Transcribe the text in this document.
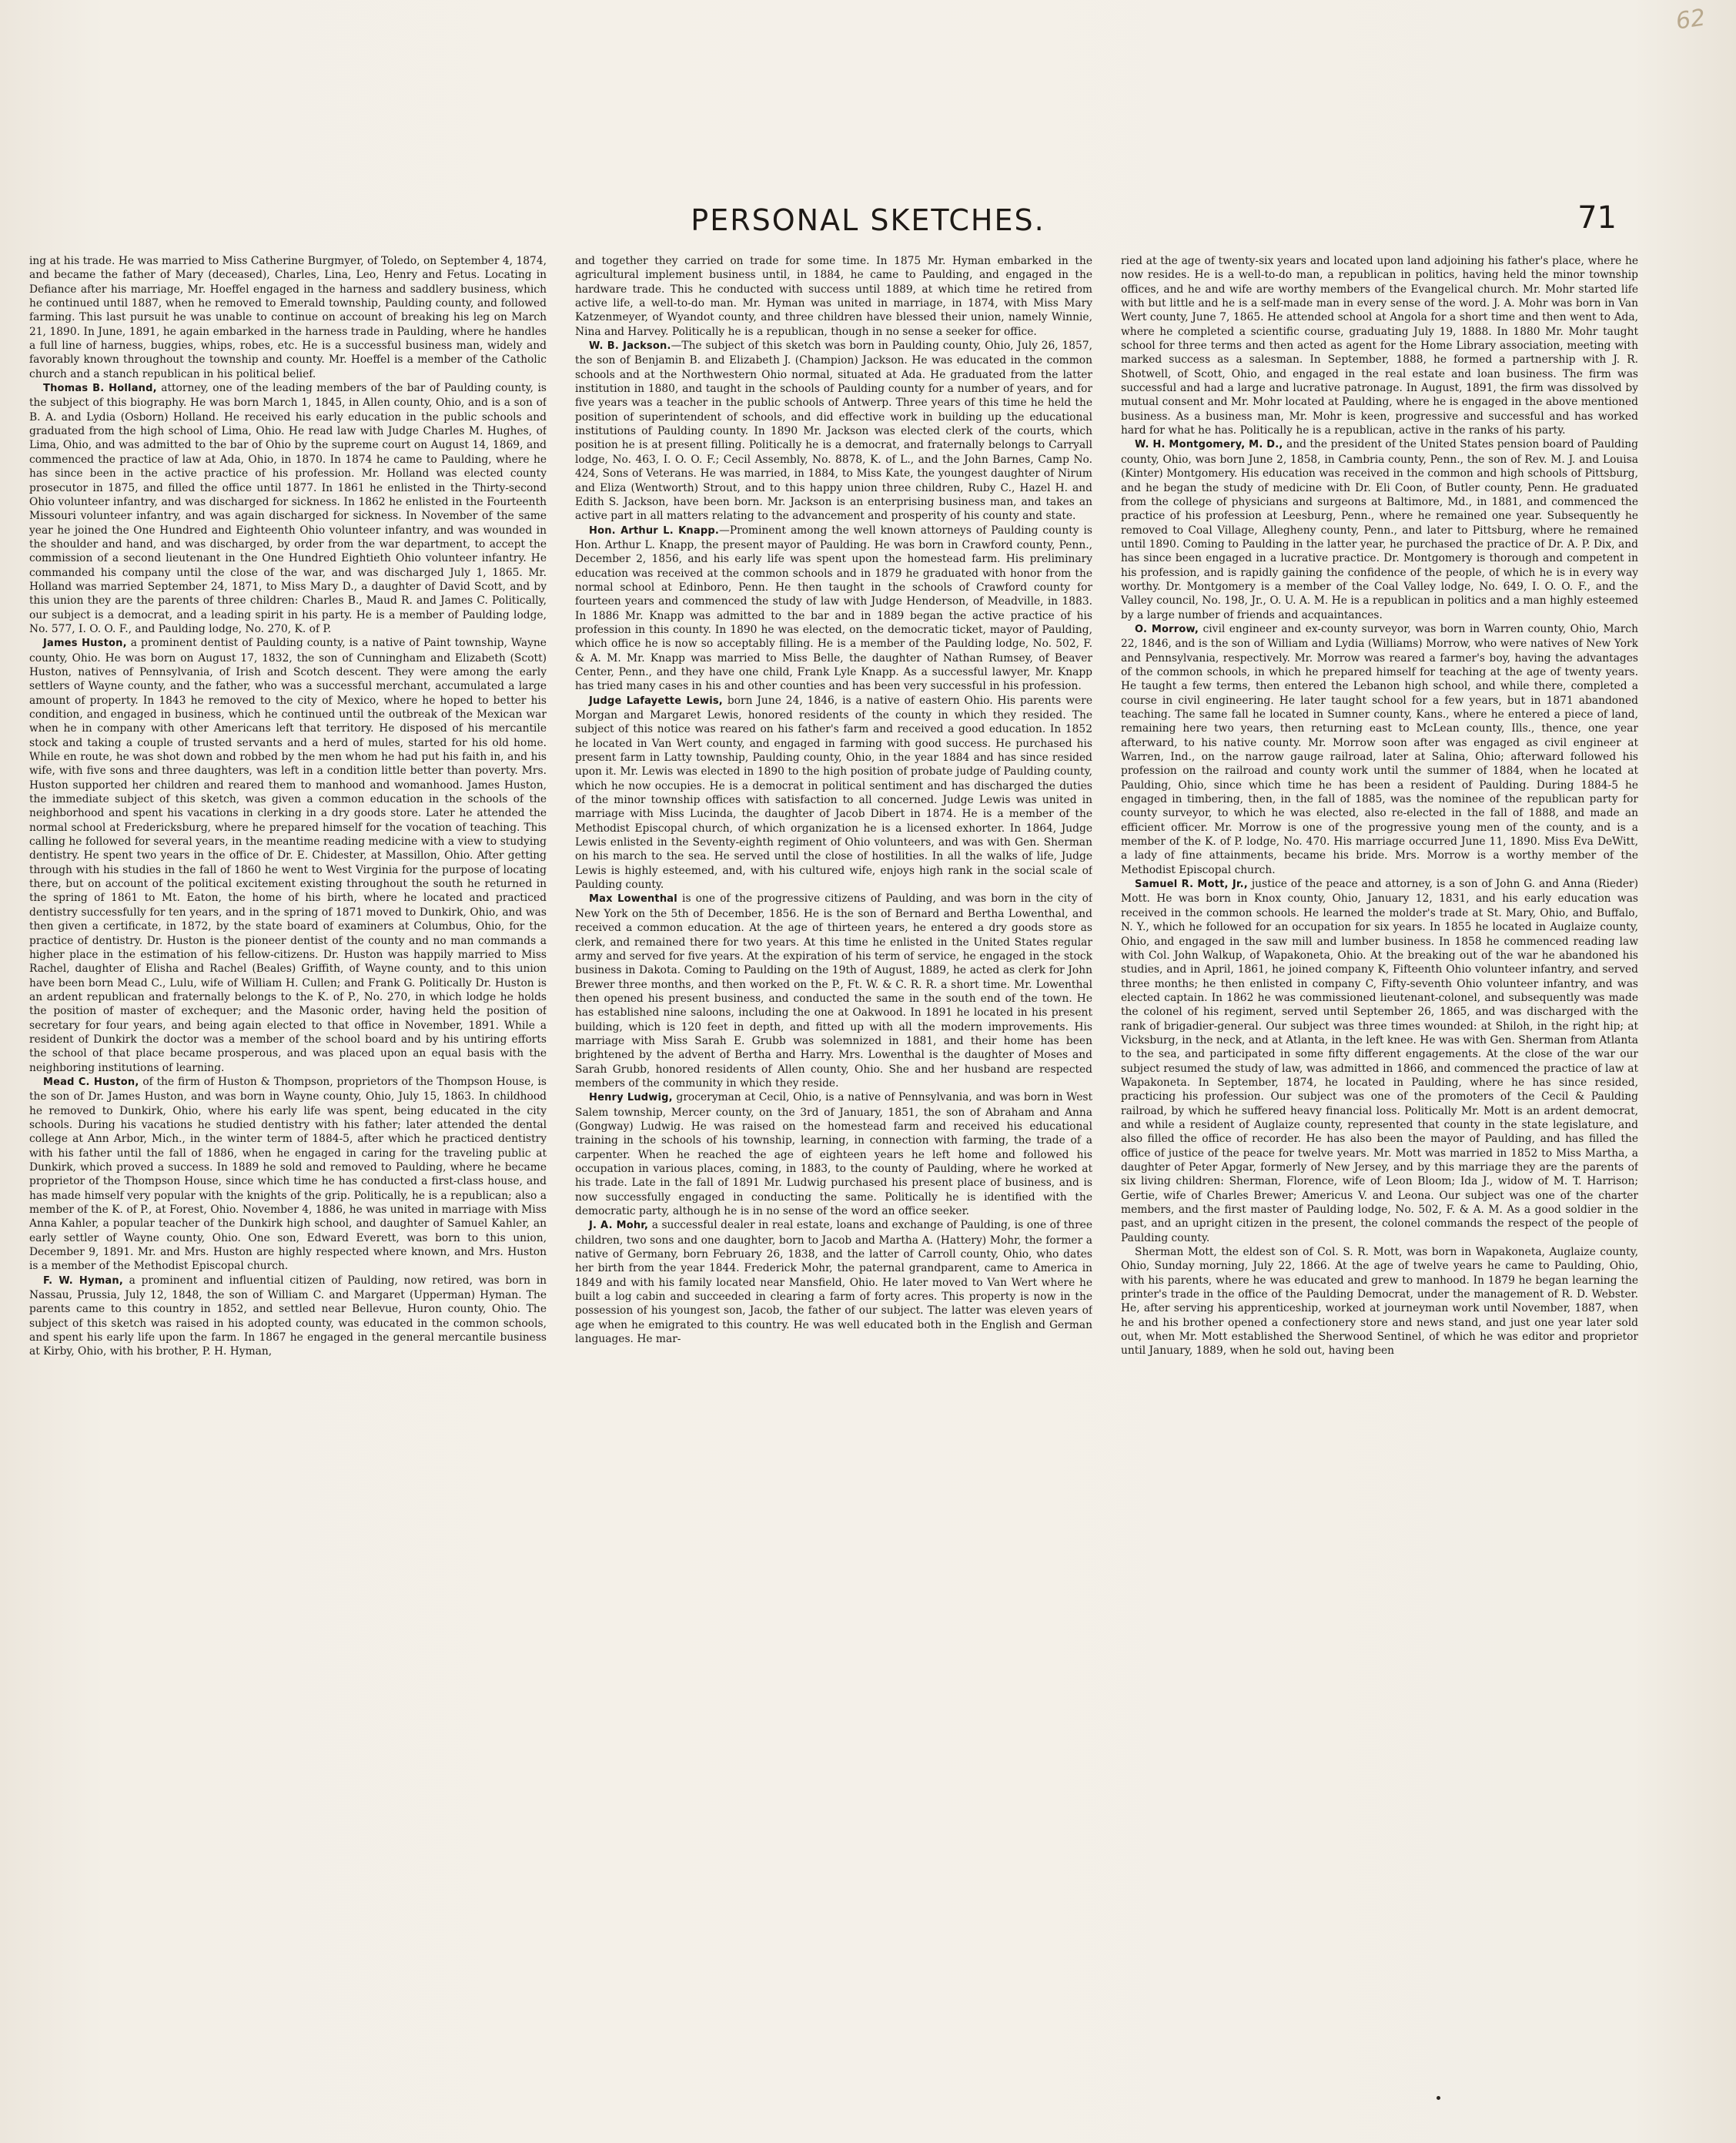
62
PERSONAL SKETCHES.	71

ing at his trade. He was married to Miss Catherine Burgmyer, of Toledo, on September 4, 1874, and became the father of Mary (deceased), Charles, Lina, Leo, Henry and Fetus. Locating in Defiance after his marriage, Mr. Hoeffel engaged in the harness and saddlery business, which he continued until 1887, when he removed to Emerald township, Paulding county, and followed farming. This last pursuit he was unable to continue on account of breaking his leg on March 21, 1890. In June, 1891, he again embarked in the harness trade in Paulding, where he handles a full line of harness, buggies, whips, robes, etc. He is a successful business man, widely and favorably known throughout the township and county. Mr. Hoeffel is a member of the Catholic church and a stanch republican in his political belief.

Thomas B. Holland, attorney, one of the leading members of the bar of Paulding county, is the subject of this biography. He was born March 1, 1845, in Allen county, Ohio, and is a son of B. A. and Lydia (Osborn) Holland. He received his early education in the public schools and graduated from the high school of Lima, Ohio. He read law with Judge Charles M. Hughes, of Lima, Ohio, and was admitted to the bar of Ohio by the supreme court on August 14, 1869, and commenced the practice of law at Ada, Ohio, in 1870. In 1874 he came to Paulding, where he has since been in the active practice of his profession. Mr. Holland was elected county prosecutor in 1875, and filled the office until 1877. In 1861 he enlisted in the Thirty-second Ohio volunteer infantry, and was discharged for sickness. In 1862 he enlisted in the Fourteenth Missouri volunteer infantry, and was again discharged for sickness. In November of the same year he joined the One Hundred and Eighteenth Ohio volunteer infantry, and was wounded in the shoulder and hand, and was discharged, by order from the war department, to accept the commission of a second lieutenant in the One Hundred Eightieth Ohio volunteer infantry. He commanded his company until the close of the war, and was discharged July 1, 1865. Mr. Holland was married September 24, 1871, to Miss Mary D., a daughter of David Scott, and by this union they are the parents of three children: Charles B., Maud R. and James C. Politically, our subject is a democrat, and a leading spirit in his party. He is a member of Paulding lodge, No. 577, I. O. O. F., and Paulding lodge, No. 270, K. of P.

James Huston, a prominent dentist of Paulding county, is a native of Paint township, Wayne county, Ohio. He was born on August 17, 1832, the son of Cunningham and Elizabeth (Scott) Huston, natives of Pennsylvania, of Irish and Scotch descent. They were among the early settlers of Wayne county, and the father, who was a successful merchant, accumulated a large amount of property. In 1843 he removed to the city of Mexico, where he hoped to better his condition, and engaged in business, which he continued until the outbreak of the Mexican war when he in company with other Americans left that territory. He disposed of his mercantile stock and taking a couple of trusted servants and a herd of mules, started for his old home. While en route, he was shot down and robbed by the men whom he had put his faith in, and his wife, with five sons and three daughters, was left in a condition little better than poverty. Mrs. Huston supported her children and reared them to manhood and womanhood. James Huston, the immediate subject of this sketch, was given a common education in the schools of the neighborhood and spent his vacations in clerking in a dry goods store. Later he attended the normal school at Fredericksburg, where he prepared himself for the vocation of teaching. This calling he followed for several years, in the meantime reading medicine with a view to studying dentistry. He spent two years in the office of Dr. E. Chidester, at Massillon, Ohio. After getting through with his studies in the fall of 1860 he went to West Virginia for the purpose of locating there, but on account of the political excitement existing throughout the south he returned in the spring of 1861 to Mt. Eaton, the home of his birth, where he located and practiced dentistry successfully for ten years, and in the spring of 1871 moved to Dunkirk, Ohio, and was then given a certificate, in 1872, by the state board of examiners at Columbus, Ohio, for the practice of dentistry. Dr. Huston is the pioneer dentist of the county and no man commands a higher place in the estimation of his fellow-citizens. Dr. Huston was happily married to Miss Rachel, daughter of Elisha and Rachel (Beales) Griffith, of Wayne county, and to this union have been born Mead C., Lulu, wife of William H. Cullen; and Frank G. Politically Dr. Huston is an ardent republican and fraternally belongs to the K. of P., No. 270, in which lodge he holds the position of master of exchequer; and the Masonic order, having held the position of secretary for four years, and being again elected to that office in November, 1891. While a resident of Dunkirk the doctor was a member of the school board and by his untiring efforts the school of that place became prosperous, and was placed upon an equal basis with the neighboring institutions of learning.

Mead C. Huston, of the firm of Huston & Thompson, proprietors of the Thompson House, is the son of Dr. James Huston, and was born in Wayne county, Ohio, July 15, 1863. In childhood he removed to Dunkirk, Ohio, where his early life was spent, being educated in the city schools. During his vacations he studied dentistry with his father; later attended the dental college at Ann Arbor, Mich., in the winter term of 1884-5, after which he practiced dentistry with his father until the fall of 1886, when he engaged in caring for the traveling public at Dunkirk, which proved a success. In 1889 he sold and removed to Paulding, where he became proprietor of the Thompson House, since which time he has conducted a first-class house, and has made himself very popular with the knights of the grip. Politically, he is a republican; also a member of the K. of P., at Forest, Ohio. November 4, 1886, he was united in marriage with Miss Anna Kahler, a popular teacher of the Dunkirk high school, and daughter of Samuel Kahler, an early settler of Wayne county, Ohio. One son, Edward Everett, was born to this union, December 9, 1891. Mr. and Mrs. Huston are highly respected where known, and Mrs. Huston is a member of the Methodist Episcopal church.

F. W. Hyman, a prominent and influential citizen of Paulding, now retired, was born in Nassau, Prussia, July 12, 1848, the son of William C. and Margaret (Upperman) Hyman. The parents came to this country in 1852, and settled near Bellevue, Huron county, Ohio. The subject of this sketch was raised in his adopted county, was educated in the common schools, and spent his early life upon the farm. In 1867 he engaged in the general mercantile business at Kirby, Ohio, with his brother, P. H. Hyman,

and together they carried on trade for some time. In 1875 Mr. Hyman embarked in the agricultural implement business until, in 1884, he came to Paulding, and engaged in the hardware trade. This he conducted with success until 1889, at which time he retired from active life, a well-to-do man. Mr. Hyman was united in marriage, in 1874, with Miss Mary Katzenmeyer, of Wyandot county, and three children have blessed their union, namely Winnie, Nina and Harvey. Politically he is a republican, though in no sense a seeker for office.

W. B. Jackson.—The subject of this sketch was born in Paulding county, Ohio, July 26, 1857, the son of Benjamin B. and Elizabeth J. (Champion) Jackson. He was educated in the common schools and at the Northwestern Ohio normal, situated at Ada. He graduated from the latter institution in 1880, and taught in the schools of Paulding county for a number of years, and for five years was a teacher in the public schools of Antwerp. Three years of this time he held the position of superintendent of schools, and did effective work in building up the educational institutions of Paulding county. In 1890 Mr. Jackson was elected clerk of the courts, which position he is at present filling. Politically he is a democrat, and fraternally belongs to Carryall lodge, No. 463, I. O. O. F.; Cecil Assembly, No. 8878, K. of L., and the John Barnes, Camp No. 424, Sons of Veterans. He was married, in 1884, to Miss Kate, the youngest daughter of Nirum and Eliza (Wentworth) Strout, and to this happy union three children, Ruby C., Hazel H. and Edith S. Jackson, have been born. Mr. Jackson is an enterprising business man, and takes an active part in all matters relating to the advancement and prosperity of his county and state.

Hon. Arthur L. Knapp.—Prominent among the well known attorneys of Paulding county is Hon. Arthur L. Knapp, the present mayor of Paulding. He was born in Crawford county, Penn., December 2, 1856, and his early life was spent upon the homestead farm. His preliminary education was received at the common schools and in 1879 he graduated with honor from the normal school at Edinboro, Penn. He then taught in the schools of Crawford county for fourteen years and commenced the study of law with Judge Henderson, of Meadville, in 1883. In 1886 Mr. Knapp was admitted to the bar and in 1889 began the active practice of his profession in this county. In 1890 he was elected, on the democratic ticket, mayor of Paulding, which office he is now so acceptably filling. He is a member of the Paulding lodge, No. 502, F. & A. M. Mr. Knapp was married to Miss Belle, the daughter of Nathan Rumsey, of Beaver Center, Penn., and they have one child, Frank Lyle Knapp. As a successful lawyer, Mr. Knapp has tried many cases in his and other counties and has been very successful in his profession.

Judge Lafayette Lewis, born June 24, 1846, is a native of eastern Ohio. His parents were Morgan and Margaret Lewis, honored residents of the county in which they resided. The subject of this notice was reared on his father's farm and received a good education. In 1852 he located in Van Wert county, and engaged in farming with good success. He purchased his present farm in Latty township, Paulding county, Ohio, in the year 1884 and has since resided upon it. Mr. Lewis was elected in 1890 to the high position of probate judge of Paulding county, which he now occupies. He is a democrat in political sentiment and has discharged the duties of the minor township offices with satisfaction to all concerned. Judge Lewis was united in marriage with Miss Lucinda, the daughter of Jacob Dibert in 1874. He is a member of the Methodist Episcopal church, of which organization he is a licensed exhorter. In 1864, Judge Lewis enlisted in the Seventy-eighth regiment of Ohio volunteers, and was with Gen. Sherman on his march to the sea. He served until the close of hostilities. In all the walks of life, Judge Lewis is highly esteemed, and, with his cultured wife, enjoys high rank in the social scale of Paulding county.

Max Lowenthal is one of the progressive citizens of Paulding, and was born in the city of New York on the 5th of December, 1856. He is the son of Bernard and Bertha Lowenthal, and received a common education. At the age of thirteen years, he entered a dry goods store as clerk, and remained there for two years. At this time he enlisted in the United States regular army and served for five years. At the expiration of his term of service, he engaged in the stock business in Dakota. Coming to Paulding on the 19th of August, 1889, he acted as clerk for John Brewer three months, and then worked on the P., Ft. W. & C. R. R. a short time. Mr. Lowenthal then opened his present business, and conducted the same in the south end of the town. He has established nine saloons, including the one at Oakwood. In 1891 he located in his present building, which is 120 feet in depth, and fitted up with all the modern improvements. His marriage with Miss Sarah E. Grubb was solemnized in 1881, and their home has been brightened by the advent of Bertha and Harry. Mrs. Lowenthal is the daughter of Moses and Sarah Grubb, honored residents of Allen county, Ohio. She and her husband are respected members of the community in which they reside.

Henry Ludwig, groceryman at Cecil, Ohio, is a native of Pennsylvania, and was born in West Salem township, Mercer county, on the 3rd of January, 1851, the son of Abraham and Anna (Gongway) Ludwig. He was raised on the homestead farm and received his educational training in the schools of his township, learning, in connection with farming, the trade of a carpenter. When he reached the age of eighteen years he left home and followed his occupation in various places, coming, in 1883, to the county of Paulding, where he worked at his trade. Late in the fall of 1891 Mr. Ludwig purchased his present place of business, and is now successfully engaged in conducting the same. Politically he is identified with the democratic party, although he is in no sense of the word an office seeker.

J. A. Mohr, a successful dealer in real estate, loans and exchange of Paulding, is one of three children, two sons and one daughter, born to Jacob and Martha A. (Hattery) Mohr, the former a native of Germany, born February 26, 1838, and the latter of Carroll county, Ohio, who dates her birth from the year 1844. Frederick Mohr, the paternal grandparent, came to America in 1849 and with his family located near Mansfield, Ohio. He later moved to Van Wert where he built a log cabin and succeeded in clearing a farm of forty acres. This property is now in the possession of his youngest son, Jacob, the father of our subject. The latter was eleven years of age when he emigrated to this country. He was well educated both in the English and German languages. He mar-

ried at the age of twenty-six years and located upon land adjoining his father's place, where he now resides. He is a well-to-do man, a republican in politics, having held the minor township offices, and he and wife are worthy members of the Evangelical church. Mr. Mohr started life with but little and he is a self-made man in every sense of the word. J. A. Mohr was born in Van Wert county, June 7, 1865. He attended school at Angola for a short time and then went to Ada, where he completed a scientific course, graduating July 19, 1888. In 1880 Mr. Mohr taught school for three terms and then acted as agent for the Home Library association, meeting with marked success as a salesman. In September, 1888, he formed a partnership with J. R. Shotwell, of Scott, Ohio, and engaged in the real estate and loan business. The firm was successful and had a large and lucrative patronage. In August, 1891, the firm was dissolved by mutual consent and Mr. Mohr located at Paulding, where he is engaged in the above mentioned business. As a business man, Mr. Mohr is keen, progressive and successful and has worked hard for what he has. Politically he is a republican, active in the ranks of his party.

W. H. Montgomery, M. D., and the president of the United States pension board of Paulding county, Ohio, was born June 2, 1858, in Cambria county, Penn., the son of Rev. M. J. and Louisa (Kinter) Montgomery. His education was received in the common and high schools of Pittsburg, and he began the study of medicine with Dr. Eli Coon, of Butler county, Penn. He graduated from the college of physicians and surgeons at Baltimore, Md., in 1881, and commenced the practice of his profession at Leesburg, Penn., where he remained one year. Subsequently he removed to Coal Village, Allegheny county, Penn., and later to Pittsburg, where he remained until 1890. Coming to Paulding in the latter year, he purchased the practice of Dr. A. P. Dix, and has since been engaged in a lucrative practice. Dr. Montgomery is thorough and competent in his profession, and is rapidly gaining the confidence of the people, of which he is in every way worthy. Dr. Montgomery is a member of the Coal Valley lodge, No. 649, I. O. O. F., and the Valley council, No. 198, Jr., O. U. A. M. He is a republican in politics and a man highly esteemed by a large number of friends and acquaintances.

O. Morrow, civil engineer and ex-county surveyor, was born in Warren county, Ohio, March 22, 1846, and is the son of William and Lydia (Williams) Morrow, who were natives of New York and Pennsylvania, respectively. Mr. Morrow was reared a farmer's boy, having the advantages of the common schools, in which he prepared himself for teaching at the age of twenty years. He taught a few terms, then entered the Lebanon high school, and while there, completed a course in civil engineering. He later taught school for a few years, but in 1871 abandoned teaching. The same fall he located in Sumner county, Kans., where he entered a piece of land, remaining here two years, then returning east to McLean county, Ills., thence, one year afterward, to his native county. Mr. Morrow soon after was engaged as civil engineer at Warren, Ind., on the narrow gauge railroad, later at Salina, Ohio; afterward followed his profession on the railroad and county work until the summer of 1884, when he located at Paulding, Ohio, since which time he has been a resident of Paulding. During 1884-5 he engaged in timbering, then, in the fall of 1885, was the nominee of the republican party for county surveyor, to which he was elected, also re-elected in the fall of 1888, and made an efficient officer. Mr. Morrow is one of the progressive young men of the county, and is a member of the K. of P. lodge, No. 470. His marriage occurred June 11, 1890. Miss Eva DeWitt, a lady of fine attainments, became his bride. Mrs. Morrow is a worthy member of the Methodist Episcopal church.

Samuel R. Mott, Jr., justice of the peace and attorney, is a son of John G. and Anna (Rieder) Mott. He was born in Knox county, Ohio, January 12, 1831, and his early education was received in the common schools. He learned the molder's trade at St. Mary, Ohio, and Buffalo, N. Y., which he followed for an occupation for six years. In 1855 he located in Auglaize county, Ohio, and engaged in the saw mill and lumber business. In 1858 he commenced reading law with Col. John Walkup, of Wapakoneta, Ohio. At the breaking out of the war he abandoned his studies, and in April, 1861, he joined company K, Fifteenth Ohio volunteer infantry, and served three months; he then enlisted in company C, Fifty-seventh Ohio volunteer infantry, and was elected captain. In 1862 he was commissioned lieutenant-colonel, and subsequently was made the colonel of his regiment, served until September 26, 1865, and was discharged with the rank of brigadier-general. Our subject was three times wounded: at Shiloh, in the right hip; at Vicksburg, in the neck, and at Atlanta, in the left knee. He was with Gen. Sherman from Atlanta to the sea, and participated in some fifty different engagements. At the close of the war our subject resumed the study of law, was admitted in 1866, and commenced the practice of law at Wapakoneta. In September, 1874, he located in Paulding, where he has since resided, practicing his profession. Our subject was one of the promoters of the Cecil & Paulding railroad, by which he suffered heavy financial loss. Politically Mr. Mott is an ardent democrat, and while a resident of Auglaize county, represented that county in the state legislature, and also filled the office of recorder. He has also been the mayor of Paulding, and has filled the office of justice of the peace for twelve years. Mr. Mott was married in 1852 to Miss Martha, a daughter of Peter Apgar, formerly of New Jersey, and by this marriage they are the parents of six living children: Sherman, Florence, wife of Leon Bloom; Ida J., widow of M. T. Harrison; Gertie, wife of Charles Brewer; Americus V. and Leona. Our subject was one of the charter members, and the first master of Paulding lodge, No. 502, F. & A. M. As a good soldier in the past, and an upright citizen in the present, the colonel commands the respect of the people of Paulding county.

Sherman Mott, the eldest son of Col. S. R. Mott, was born in Wapakoneta, Auglaize county, Ohio, Sunday morning, July 22, 1866. At the age of twelve years he came to Paulding, Ohio, with his parents, where he was educated and grew to manhood. In 1879 he began learning the printer's trade in the office of the Paulding Democrat, under the management of R. D. Webster. He, after serving his apprenticeship, worked at journeyman work until November, 1887, when he and his brother opened a confectionery store and news stand, and just one year later sold out, when Mr. Mott established the Sherwood Sentinel, of which he was editor and proprietor until January, 1889, when he sold out, having been
